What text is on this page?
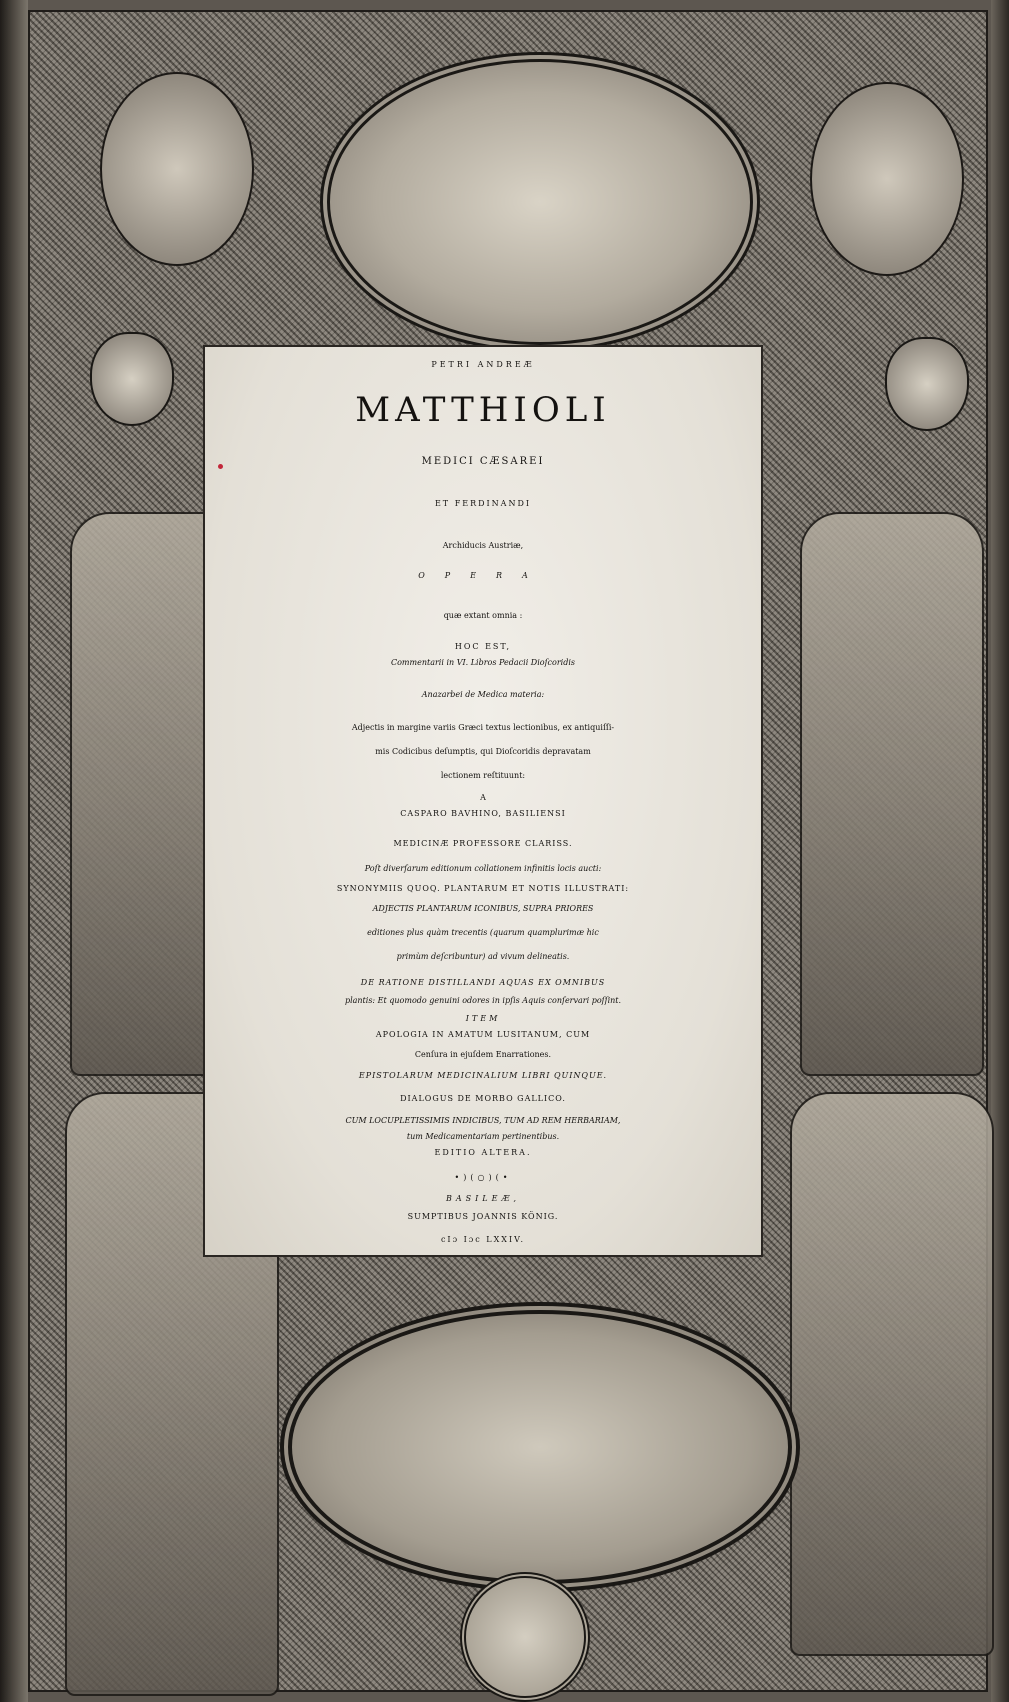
PETRI ANDREÆ
MATTHIOLI
MEDICI CÆSAREI
ET FERDINANDI
Archiducis Austriæ,
OPERA
quæ extant omnia :
HOC EST,
Commentarii in VI. Libros Pedacii Dioſcoridis
Anazarbei de Medica materia:
Adjectis in margine variis Græci textus lectionibus, ex antiquiſſi-
mis Codicibus deſumptis, qui Dioſcoridis depravatam
lectionem reſtituunt:
A
CASPARO BAVHINO, BASILIENSI
MEDICINÆ PROFESSORE CLARISS.
Poſt diverſarum editionum collationem infinitis locis aucti:
SYNONYMIIS QUOQ. PLANTARUM ET NOTIS ILLUSTRATI:
ADJECTIS PLANTARUM ICONIBUS, SUPRA PRIORES
editiones plus quàm trecentis (quarum quamplurimæ hic
primùm deſcribuntur) ad vivum delineatis.
DE RATIONE DISTILLANDI AQUAS EX OMNIBUS
plantis: Et quomodo genuini odores in ipſis Aquis conſervari poſſint.
ITEM
APOLOGIA IN AMATUM LUSITANUM, CUM
Cenſura in ejuſdem Enarrationes.
EPISTOLARUM MEDICINALIUM LIBRI QUINQUE.
DIALOGUS DE MORBO GALLICO.
CUM LOCUPLETISSIMIS INDICIBUS, TUM AD REM HERBARIAM,
tum Medicamentariam pertinentibus.
EDITIO ALTERA.
•)(○)(•
BASILEÆ,
SUMPTIBUS JOANNIS KÖNIG.
cIɔ Iɔc LXXIV.
